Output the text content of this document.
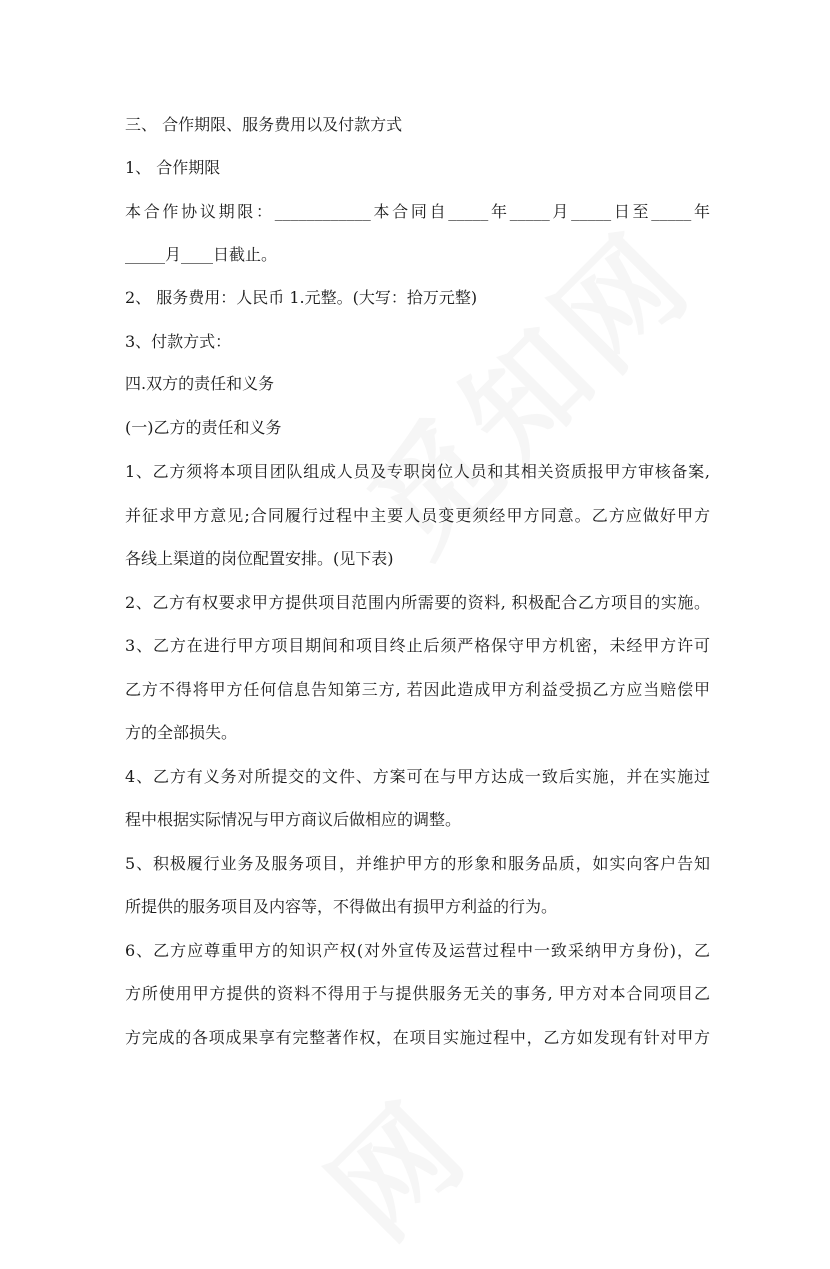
三、 合作期限、服务费用以及付款方式
1、 合作期限
本合作协议期限：____________本合同自_____年_____月_____日至_____年
_____月____日截止。
2、 服务费用：人民币 1.元整。(大写：拾万元整)
3、付款方式：
四.双方的责任和义务
(一)乙方的责任和义务
1、乙方须将本项目团队组成人员及专职岗位人员和其相关资质报甲方审核备案,
并征求甲方意见;合同履行过程中主要人员变更须经甲方同意。乙方应做好甲方
各线上渠道的岗位配置安排。(见下表)
2、乙方有权要求甲方提供项目范围内所需要的资料, 积极配合乙方项目的实施。
3、乙方在进行甲方项目期间和项目终止后须严格保守甲方机密，未经甲方许可
乙方不得将甲方任何信息告知第三方, 若因此造成甲方利益受损乙方应当赔偿甲
方的全部损失。
4、乙方有义务对所提交的文件、方案可在与甲方达成一致后实施，并在实施过
程中根据实际情况与甲方商议后做相应的调整。
5、积极履行业务及服务项目，并维护甲方的形象和服务品质，如实向客户告知
所提供的服务项目及内容等，不得做出有损甲方利益的行为。
6、乙方应尊重甲方的知识产权(对外宣传及运营过程中一致采纳甲方身份)，乙
方所使用甲方提供的资料不得用于与提供服务无关的事务, 甲方对本合同项目乙
方完成的各项成果享有完整著作权，在项目实施过程中，乙方如发现有针对甲方
